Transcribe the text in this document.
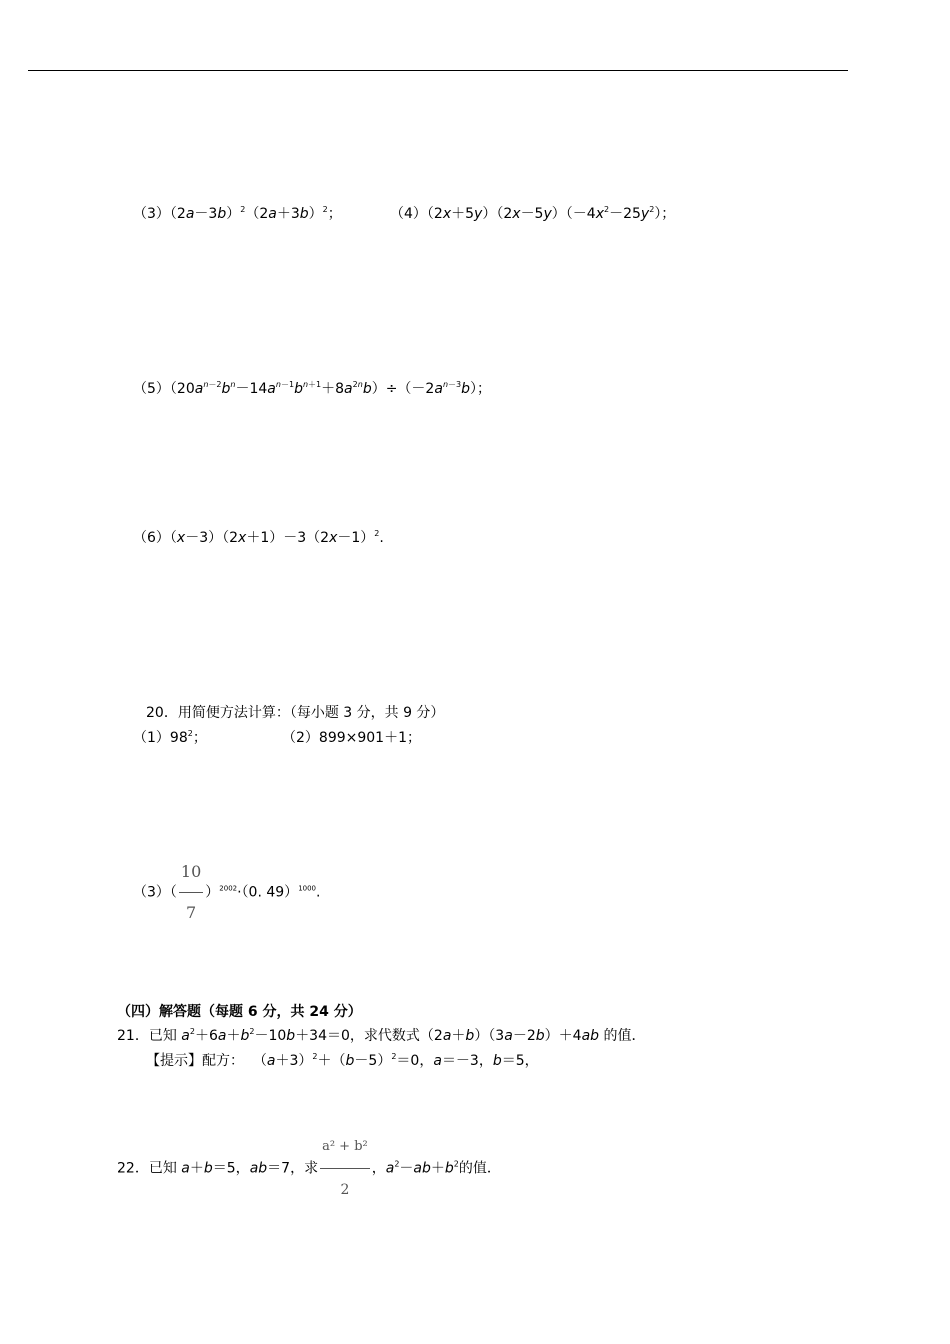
$(3)(2a-3b)^2(2a+3b)^2$；	$(4)(2x+5y)(2x-5y)(-4x^2-25y^2)$；
$(5)(20a^{n-2}b^n-14a^{n-1}b^{n+1}+8a^{2n}b)\div(-2a^{n-3}b)$；
$(6)(x-3)(2x+1)-3(2x-1)^2$.
20．用简便方法计算：（每小题 3 分，共 9 分）
$(1)98^2$；	（2）899×901＋1；
$(3)( \frac{10}{7} )^{2002}\cdot(0$. 49）$^{1000}$.
（四）解答题（每题 6 分，共 24 分）
21．已知 $a^2+6a+b^2-10b+34=0$，求代数式（2a＋b）（3a－2b）＋4ab 的值．
【提示】配方：  $(a+3)^2+(b-5)^2=0$，a＝－3，b＝5，
22．已知 a＋b＝5，ab＝7，求 $\frac{\text{a² + b²}}{2}$ ，$a^2-ab+b^2$的值．
